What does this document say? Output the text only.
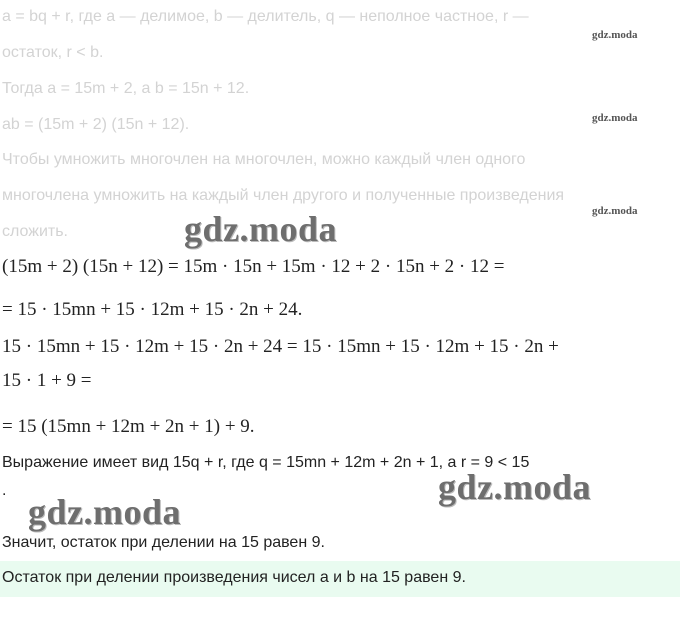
a = bq + r, где a — делимое, b — делитель, q — неполное частное, r —
остаток, r < b.
Тогда a = 15m + 2, а b = 15n + 12.
ab = (15m + 2) (15n + 12).
Чтобы умножить многочлен на многочлен, можно каждый член одного
многочлена умножить на каждый член другого и полученные произведения
сложить.
(15m + 2) (15n + 12) = 15m · 15n + 15m · 12 + 2 · 15n + 2 · 12 =
= 15 · 15mn + 15 · 12m + 15 · 2n + 24.
15 · 15mn + 15 · 12m + 15 · 2n + 24 = 15 · 15mn + 15 · 12m + 15 · 2n +
15 · 1 + 9 =
= 15 (15mn + 12m + 2n + 1) + 9.
Выражение имеет вид 15q + r, где q = 15mn + 12m + 2n + 1, а r = 9 < 15
.
Значит, остаток при делении на 15 равен 9.
Остаток при делении произведения чисел a и b на 15 равен 9.
gdz.moda
gdz.moda
gdz.moda
gdz.moda
gdz.moda
gdz.moda
